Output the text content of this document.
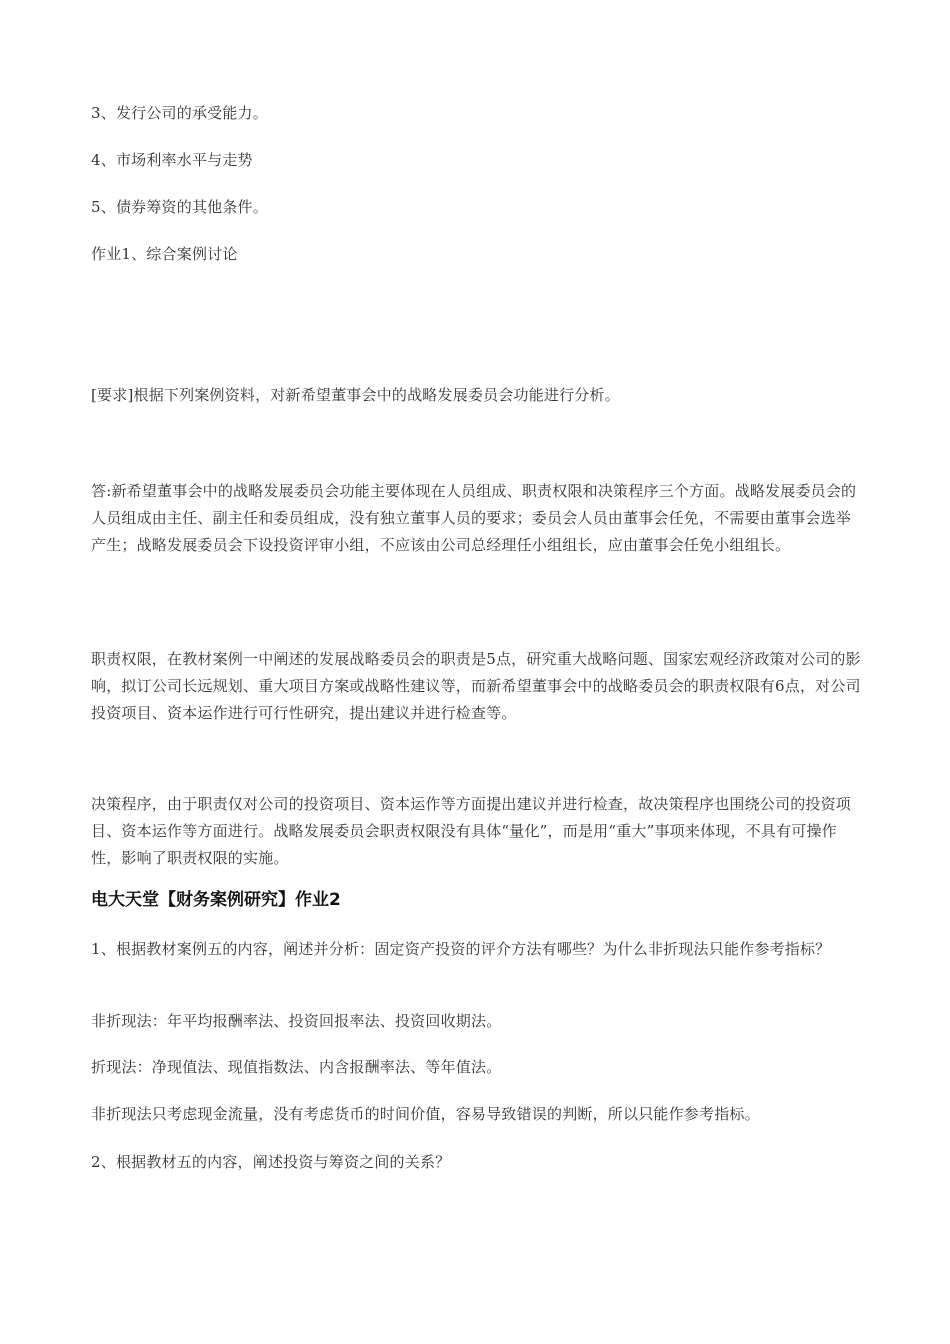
3、发行公司的承受能力。

4、市场利率水平与走势

5、债券筹资的其他条件。

作业1、综合案例讨论

[要求]根据下列案例资料，对新希望董事会中的战略发展委员会功能进行分析。

答:新希望董事会中的战略发展委员会功能主要体现在人员组成、职责权限和决策程序三个方面。战略发展委员会的人员组成由主任、副主任和委员组成，没有独立董事人员的要求；委员会人员由董事会任免，不需要由董事会选举产生；战略发展委员会下设投资评审小组，不应该由公司总经理任小组组长，应由董事会任免小组组长。

职责权限，在教材案例一中阐述的发展战略委员会的职责是5点，研究重大战略问题、国家宏观经济政策对公司的影响，拟订公司长远规划、重大项目方案或战略性建议等，而新希望董事会中的战略委员会的职责权限有6点，对公司投资项目、资本运作进行可行性研究，提出建议并进行检查等。

决策程序，由于职责仅对公司的投资项目、资本运作等方面提出建议并进行检查，故决策程序也围绕公司的投资项目、资本运作等方面进行。战略发展委员会职责权限没有具体“量化”，而是用“重大”事项来体现，不具有可操作性，影响了职责权限的实施。

电大天堂【财务案例研究】作业2

1、根据教材案例五的内容，阐述并分析：固定资产投资的评介方法有哪些？为什么非折现法只能作参考指标？

非折现法：年平均报酬率法、投资回报率法、投资回收期法。

折现法：净现值法、现值指数法、内含报酬率法、等年值法。

非折现法只考虑现金流量，没有考虑货币的时间价值，容易导致错误的判断，所以只能作参考指标。

2、根据教材五的内容，阐述投资与筹资之间的关系？
